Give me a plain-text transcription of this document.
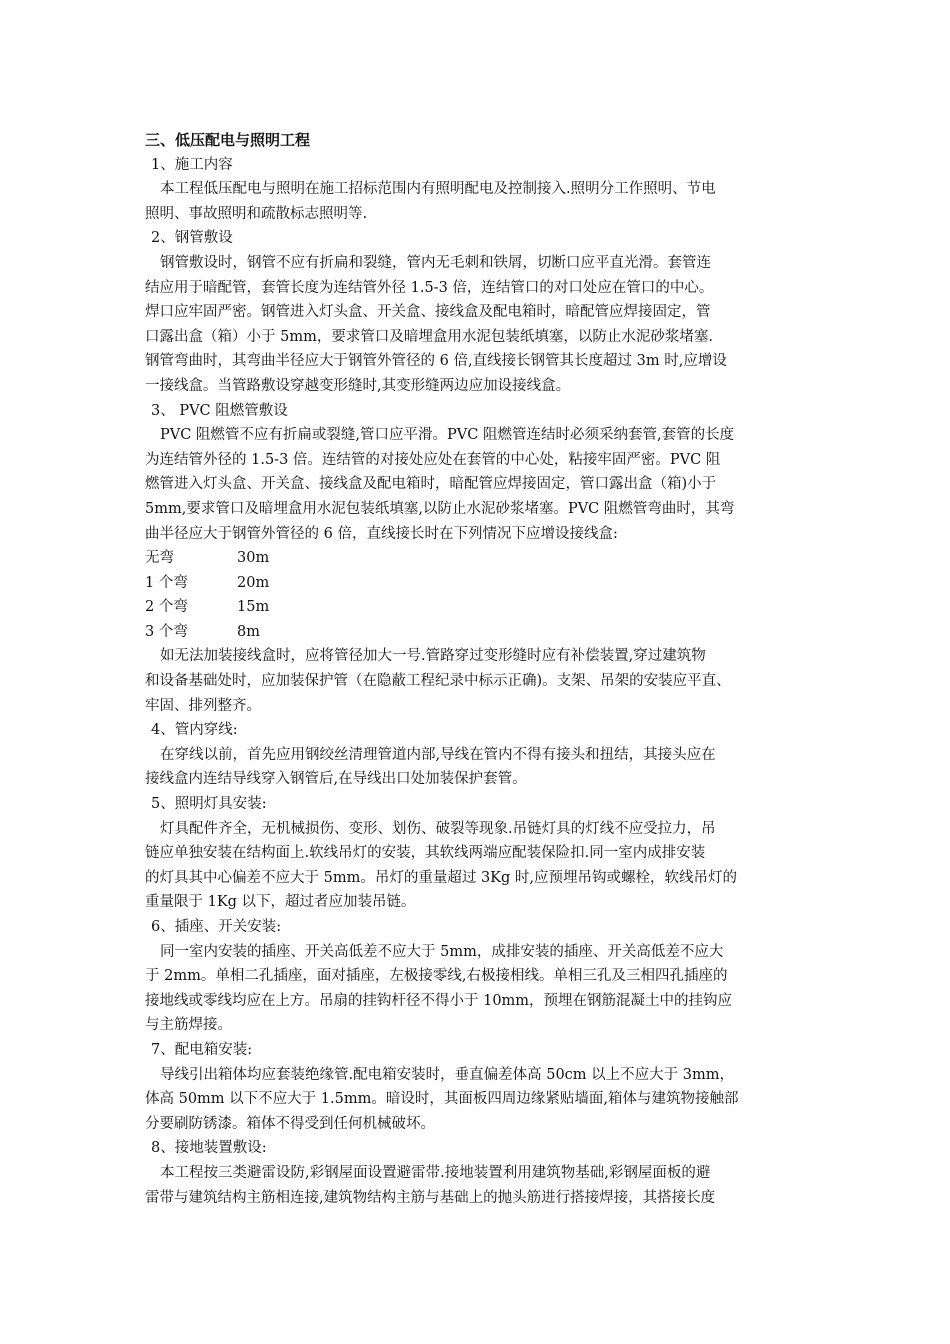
三、低压配电与照明工程

1、施工内容

本工程低压配电与照明在施工招标范围内有照明配电及控制接入.照明分工作照明、节电
照明、事故照明和疏散标志照明等.

2、钢管敷设

钢管敷设时，钢管不应有折扁和裂缝，管内无毛刺和铁屑，切断口应平直光滑。套管连
结应用于暗配管，套管长度为连结管外径 1.5-3 倍，连结管口的对口处应在管口的中心。
焊口应牢固严密。钢管进入灯头盒、开关盒、接线盒及配电箱时，暗配管应焊接固定，管
口露出盒（箱）小于 5mm，要求管口及暗埋盒用水泥包装纸填塞，以防止水泥砂浆堵塞.
钢管弯曲时，其弯曲半径应大于钢管外管径的 6 倍,直线接长钢管其长度超过 3m 时,应增设
一接线盒。当管路敷设穿越变形缝时,其变形缝两边应加设接线盒。

3、 PVC 阻燃管敷设

PVC 阻燃管不应有折扁或裂缝,管口应平滑。PVC 阻燃管连结时必须采纳套管,套管的长度
为连结管外径的 1.5-3 倍。连结管的对接处应处在套管的中心处，粘接牢固严密。PVC 阻
燃管进入灯头盒、开关盒、接线盒及配电箱时，暗配管应焊接固定，管口露出盒（箱)小于
5mm,要求管口及暗埋盒用水泥包装纸填塞,以防止水泥砂浆堵塞。PVC 阻燃管弯曲时，其弯
曲半径应大于钢管外管径的 6 倍，直线接长时在下列情况下应增设接线盒:
无弯	30m
1 个弯	20m
2 个弯	15m
3 个弯	8m
如无法加装接线盒时，应将管径加大一号.管路穿过变形缝时应有补偿装置,穿过建筑物
和设备基础处时，应加装保护管（在隐蔽工程纪录中标示正确)。支架、吊架的安装应平直、
牢固、排列整齐。

4、管内穿线:

在穿线以前，首先应用钢绞丝清理管道内部,导线在管内不得有接头和扭结，其接头应在
接线盒内连结导线穿入钢管后,在导线出口处加装保护套管。

5、照明灯具安装:

灯具配件齐全，无机械损伤、变形、划伤、破裂等现象.吊链灯具的灯线不应受拉力，吊
链应单独安装在结构面上.软线吊灯的安装，其软线两端应配装保险扣.同一室内成排安装
的灯具其中心偏差不应大于 5mm。吊灯的重量超过 3Kg 时,应预埋吊钩或螺栓，软线吊灯的
重量限于 1Kg 以下，超过者应加装吊链。

6、插座、开关安装:

同一室内安装的插座、开关高低差不应大于 5mm，成排安装的插座、开关高低差不应大
于 2mm。单相二孔插座，面对插座，左极接零线,右极接相线。单相三孔及三相四孔插座的
接地线或零线均应在上方。吊扇的挂钩杆径不得小于 10mm，预埋在钢筋混凝土中的挂钩应
与主筋焊接。

7、配电箱安装:

导线引出箱体均应套装绝缘管.配电箱安装时，垂直偏差体高 50cm 以上不应大于 3mm，
体高 50mm 以下不应大于 1.5mm。暗设时，其面板四周边缘紧贴墙面,箱体与建筑物接触部
分要刷防锈漆。箱体不得受到任何机械破坏。

8、接地装置敷设:

本工程按三类避雷设防,彩钢屋面设置避雷带.接地装置利用建筑物基础,彩钢屋面板的避
雷带与建筑结构主筋相连接,建筑物结构主筋与基础上的抛头筋进行搭接焊接，其搭接长度
